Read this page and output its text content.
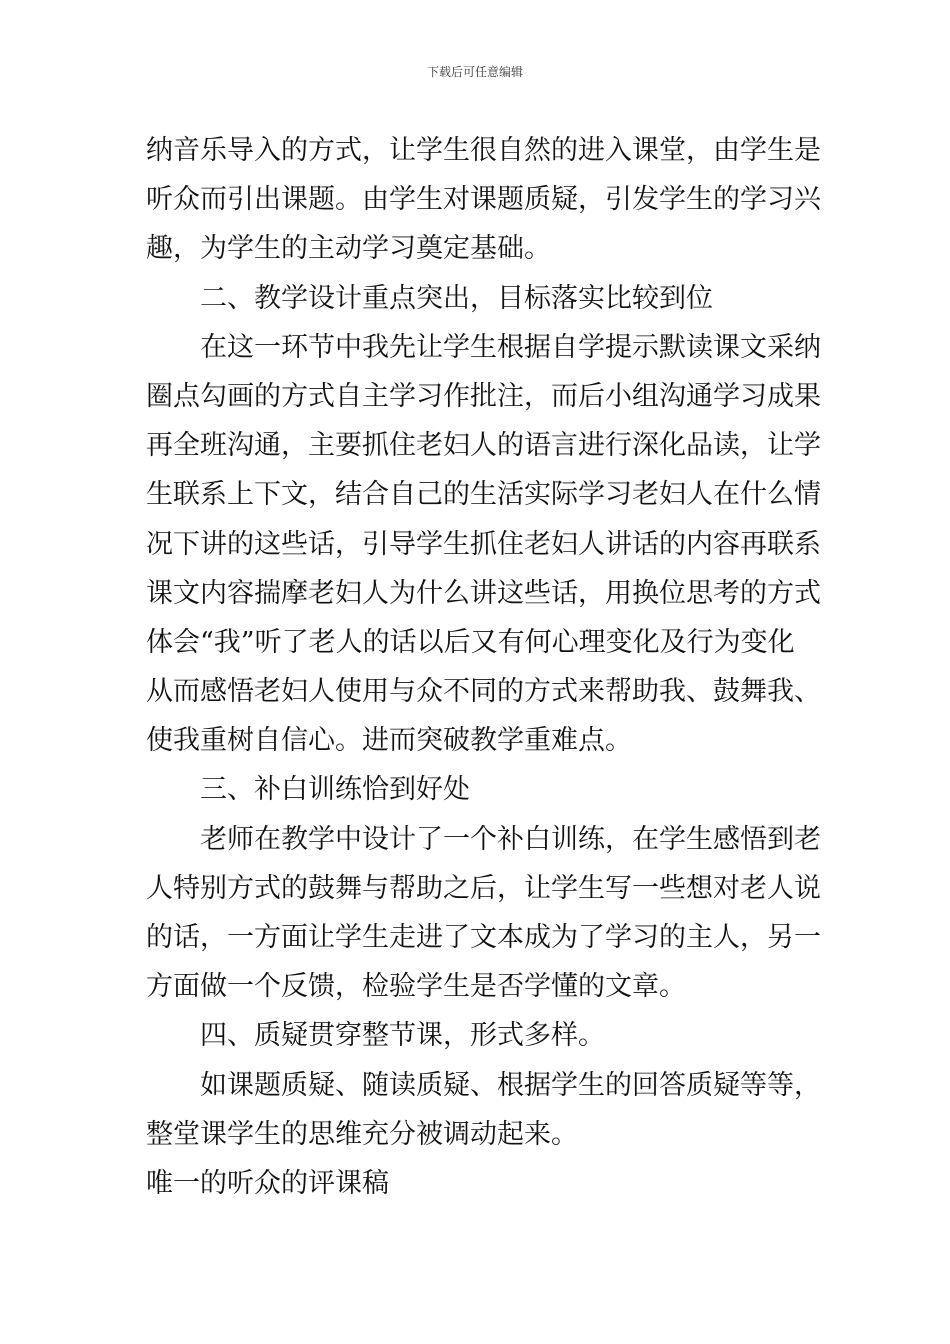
下载后可任意编辑
纳音乐导入的方式，让学生很自然的进入课堂，由学生是
听众而引出课题。由学生对课题质疑，引发学生的学习兴
趣，为学生的主动学习奠定基础。
二、教学设计重点突出，目标落实比较到位
在这一环节中我先让学生根据自学提示默读课文采纳
圈点勾画的方式自主学习作批注，而后小组沟通学习成果
再全班沟通，主要抓住老妇人的语言进行深化品读，让学
生联系上下文，结合自己的生活实际学习老妇人在什么情
况下讲的这些话，引导学生抓住老妇人讲话的内容再联系
课文内容揣摩老妇人为什么讲这些话，用换位思考的方式
体会“我”听了老人的话以后又有何心理变化及行为变化
从而感悟老妇人使用与众不同的方式来帮助我、鼓舞我、
使我重树自信心。进而突破教学重难点。
三、补白训练恰到好处
老师在教学中设计了一个补白训练，在学生感悟到老
人特别方式的鼓舞与帮助之后，让学生写一些想对老人说
的话，一方面让学生走进了文本成为了学习的主人，另一
方面做一个反馈，检验学生是否学懂的文章。
四、质疑贯穿整节课，形式多样。
如课题质疑、随读质疑、根据学生的回答质疑等等，
整堂课学生的思维充分被调动起来。
唯一的听众的评课稿
